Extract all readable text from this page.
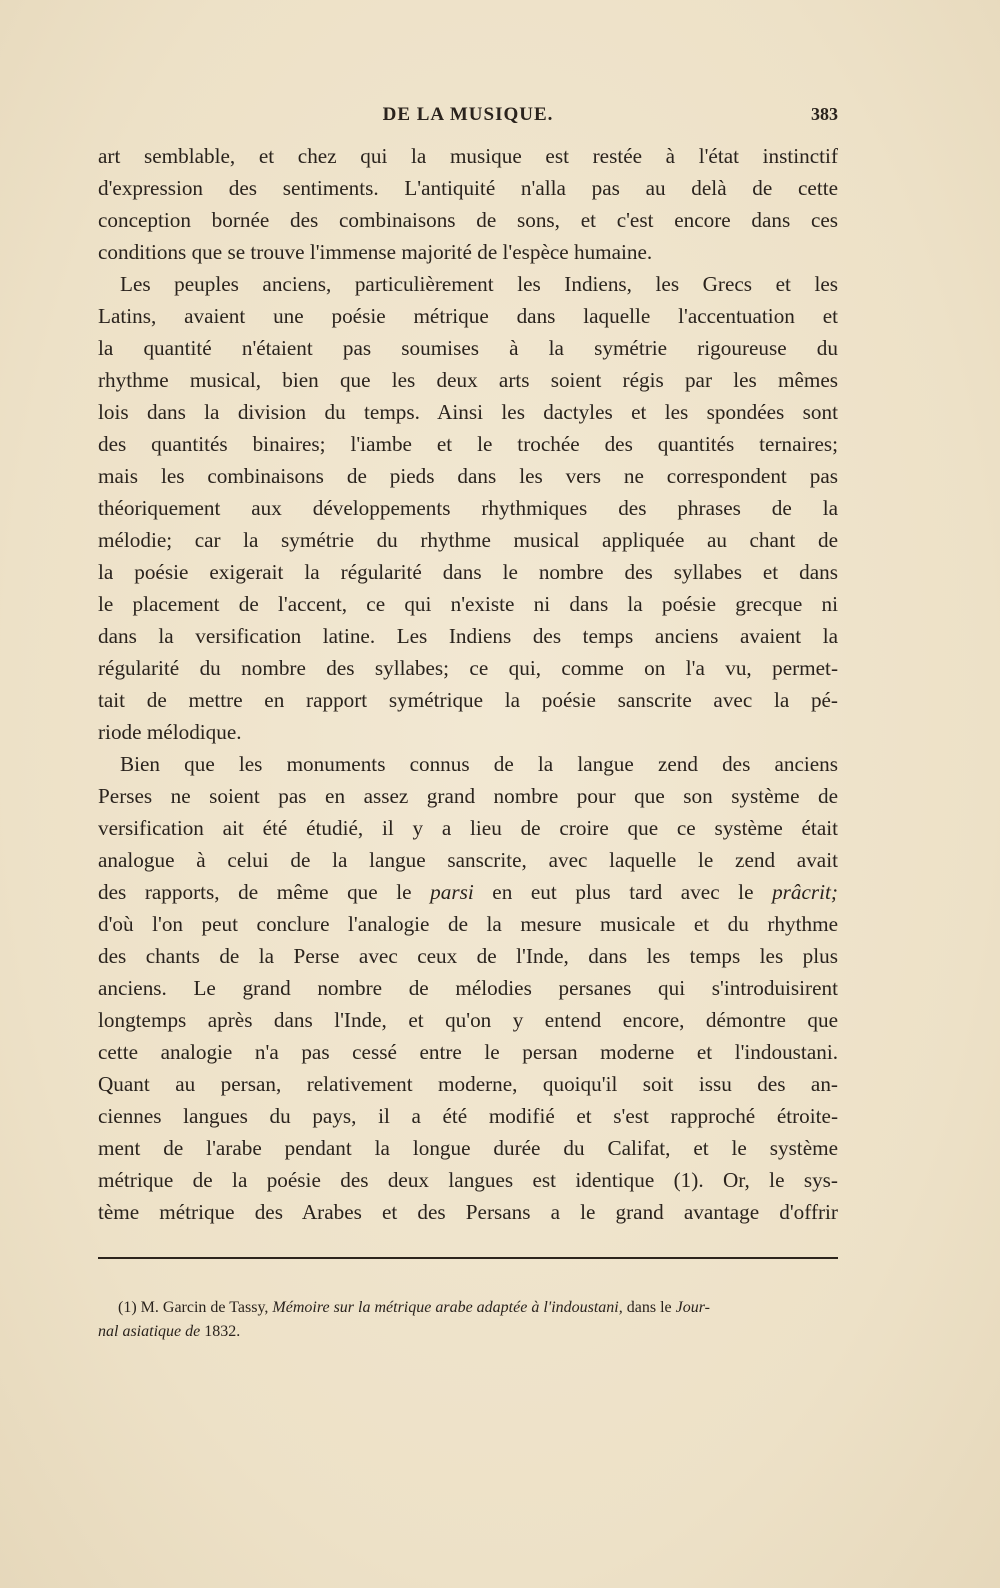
DE LA MUSIQUE.	383
art semblable, et chez qui la musique est restée à l'état instinctif
d'expression des sentiments. L'antiquité n'alla pas au delà de cette
conception bornée des combinaisons de sons, et c'est encore dans ces
conditions que se trouve l'immense majorité de l'espèce humaine.
Les peuples anciens, particulièrement les Indiens, les Grecs et les
Latins, avaient une poésie métrique dans laquelle l'accentuation et
la quantité n'étaient pas soumises à la symétrie rigoureuse du
rhythme musical, bien que les deux arts soient régis par les mêmes
lois dans la division du temps. Ainsi les dactyles et les spondées sont
des quantités binaires; l'iambe et le trochée des quantités ternaires;
mais les combinaisons de pieds dans les vers ne correspondent pas
théoriquement aux développements rhythmiques des phrases de la
mélodie; car la symétrie du rhythme musical appliquée au chant de
la poésie exigerait la régularité dans le nombre des syllabes et dans
le placement de l'accent, ce qui n'existe ni dans la poésie grecque ni
dans la versification latine. Les Indiens des temps anciens avaient la
régularité du nombre des syllabes; ce qui, comme on l'a vu, permet-
tait de mettre en rapport symétrique la poésie sanscrite avec la pé-
riode mélodique.
Bien que les monuments connus de la langue zend des anciens
Perses ne soient pas en assez grand nombre pour que son système de
versification ait été étudié, il y a lieu de croire que ce système était
analogue à celui de la langue sanscrite, avec laquelle le zend avait
des rapports, de même que le parsi en eut plus tard avec le prâcrit;
d'où l'on peut conclure l'analogie de la mesure musicale et du rhythme
des chants de la Perse avec ceux de l'Inde, dans les temps les plus
anciens. Le grand nombre de mélodies persanes qui s'introduisirent
longtemps après dans l'Inde, et qu'on y entend encore, démontre que
cette analogie n'a pas cessé entre le persan moderne et l'indoustani.
Quant au persan, relativement moderne, quoiqu'il soit issu des an-
ciennes langues du pays, il a été modifié et s'est rapproché étroite-
ment de l'arabe pendant la longue durée du Califat, et le système
métrique de la poésie des deux langues est identique (1). Or, le sys-
tème métrique des Arabes et des Persans a le grand avantage d'offrir
(1) M. Garcin de Tassy, Mémoire sur la métrique arabe adaptée à l'indoustani, dans le Jour-
nal asiatique de 1832.
